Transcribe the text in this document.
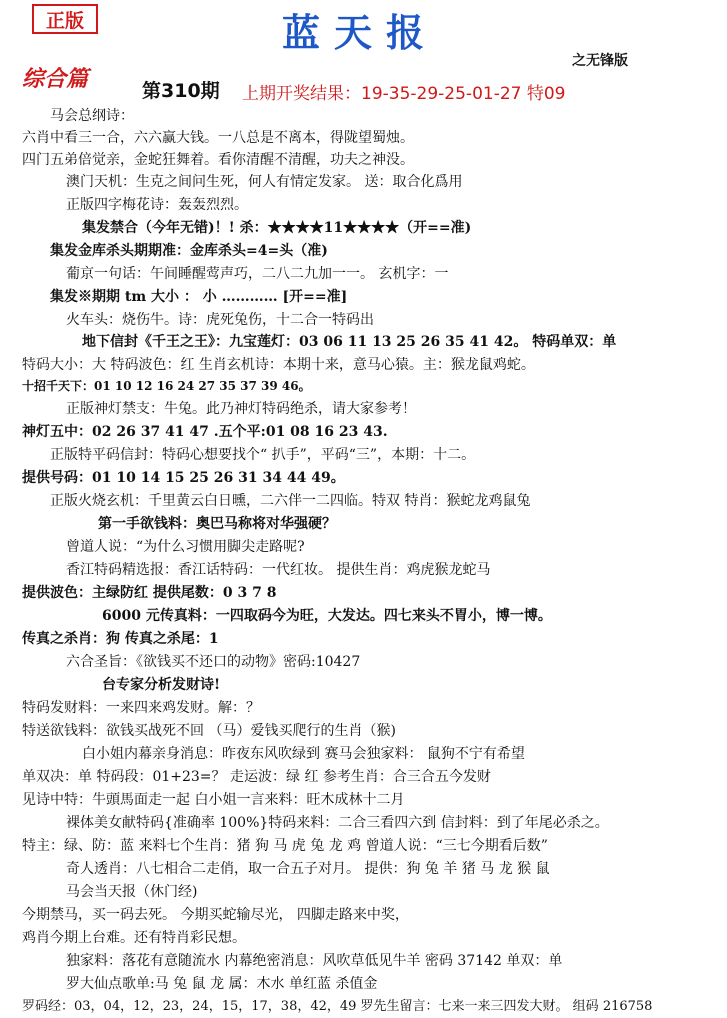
正版	蓝天报
之无锋版
综合篇	第310期 上期开奖结果：19-35-29-25-01-27 特09
马会总纲诗：
六肖中看三一合，六六赢大钱。一八总是不离本，得陇望蜀烛。
四门五弟倍觉亲，金蛇狂舞着。看你清醒不清醒，功夫之神没。
澳门天机：生克之间问生死，何人有情定发家。 送：取合化爲用
正版四字梅花诗：轰轰烈烈。
集发禁合（今年无错)！! 杀：★★★★11★★★★（开==准)
集发金库杀头期期准：金库杀头=4=头（准)
葡京一句话：午间睡醒莺声巧，二八二九加一一。 玄机字：一
集发※期期 tm 大小 ： 小 ………… [开==准]
火车头：烧伤牛。诗：虎死兔伤，十二合一特码出
地下信封《千王之王》：九宝莲灯：03 06 11 13 25 26 35 41 42。 特码单双：单
特码大小：大 特码波色：红 生肖玄机诗：本期十来，意马心猿。主：猴龙鼠鸡蛇。
十招千天下：01 10 12 16 24 27 35 37 39 46。
正版神灯禁支：牛兔。此乃神灯特码绝杀，请大家参考！
神灯五中：02 26 37 41 47 .五个平:01 08 16 23 43.
正版特平码信封：特码心想要找个“ 扒手”，平码“三”，本期：十二。
提供号码：01 10 14 15 25 26 31 34 44 49。
正版火烧玄机：千里黄云白日曛，二六伴一二四临。特双 特肖：猴蛇龙鸡鼠兔
第一手欲钱料：奥巴马称将对华强硬？
曾道人说：“为什么习惯用脚尖走路呢?
香江特码精选报：香江话特码：一代红妆。 提供生肖：鸡虎猴龙蛇马
提供波色：主绿防红 提供尾数：0 3 7 8
6000 元传真料：一四取码今为旺，大发达。四七来头不胃小，博一博。
传真之杀肖：狗 传真之杀尾：1
六合圣旨：《欲钱买不还口的动物》密码:10427
台专家分析发财诗!
特码发财料：一来四来鸡发财。解：？
特送欲钱料：欲钱买战死不回 （马）爱钱买爬行的生肖（猴)
白小姐内幕亲身消息：昨夜东风吹绿到 赛马会独家料： 鼠狗不宁有希望
单双决：单 特码段：01+23=？ 走运波：绿 红 参考生肖：合三合五今发财
见诗中特：牛頭馬面走一起 白小姐一言来料：旺木成林十二月
裸体美女献特码{准确率 100%}特码来料：二合三看四六到 信封料：到了年尾必杀之。
特主：绿、防：蓝 来料七个生肖：猪 狗 马 虎 兔 龙 鸡 曾道人说：“三七今期看后数”
奇人透肖：八七相合二走俏，取一合五子对月。 提供：狗 兔 羊 猪 马 龙 猴 鼠
马会当天报（休门经)
今期禁马，买一码去死。 今期买蛇输尽光， 四脚走路来中奖，
鸡肖今期上台难。还有特肖彩民想。
独家料：落花有意随流水 内幕绝密消息：风吹草低见牛羊 密码 37142 单双：单
罗大仙点歌单:马 兔 鼠 龙 属：木水 单红蓝 杀值金
罗码经：03，04，12，23，24，15，17，38，42，49 罗先生留言：七来一来三四发大财。 组码 216758
